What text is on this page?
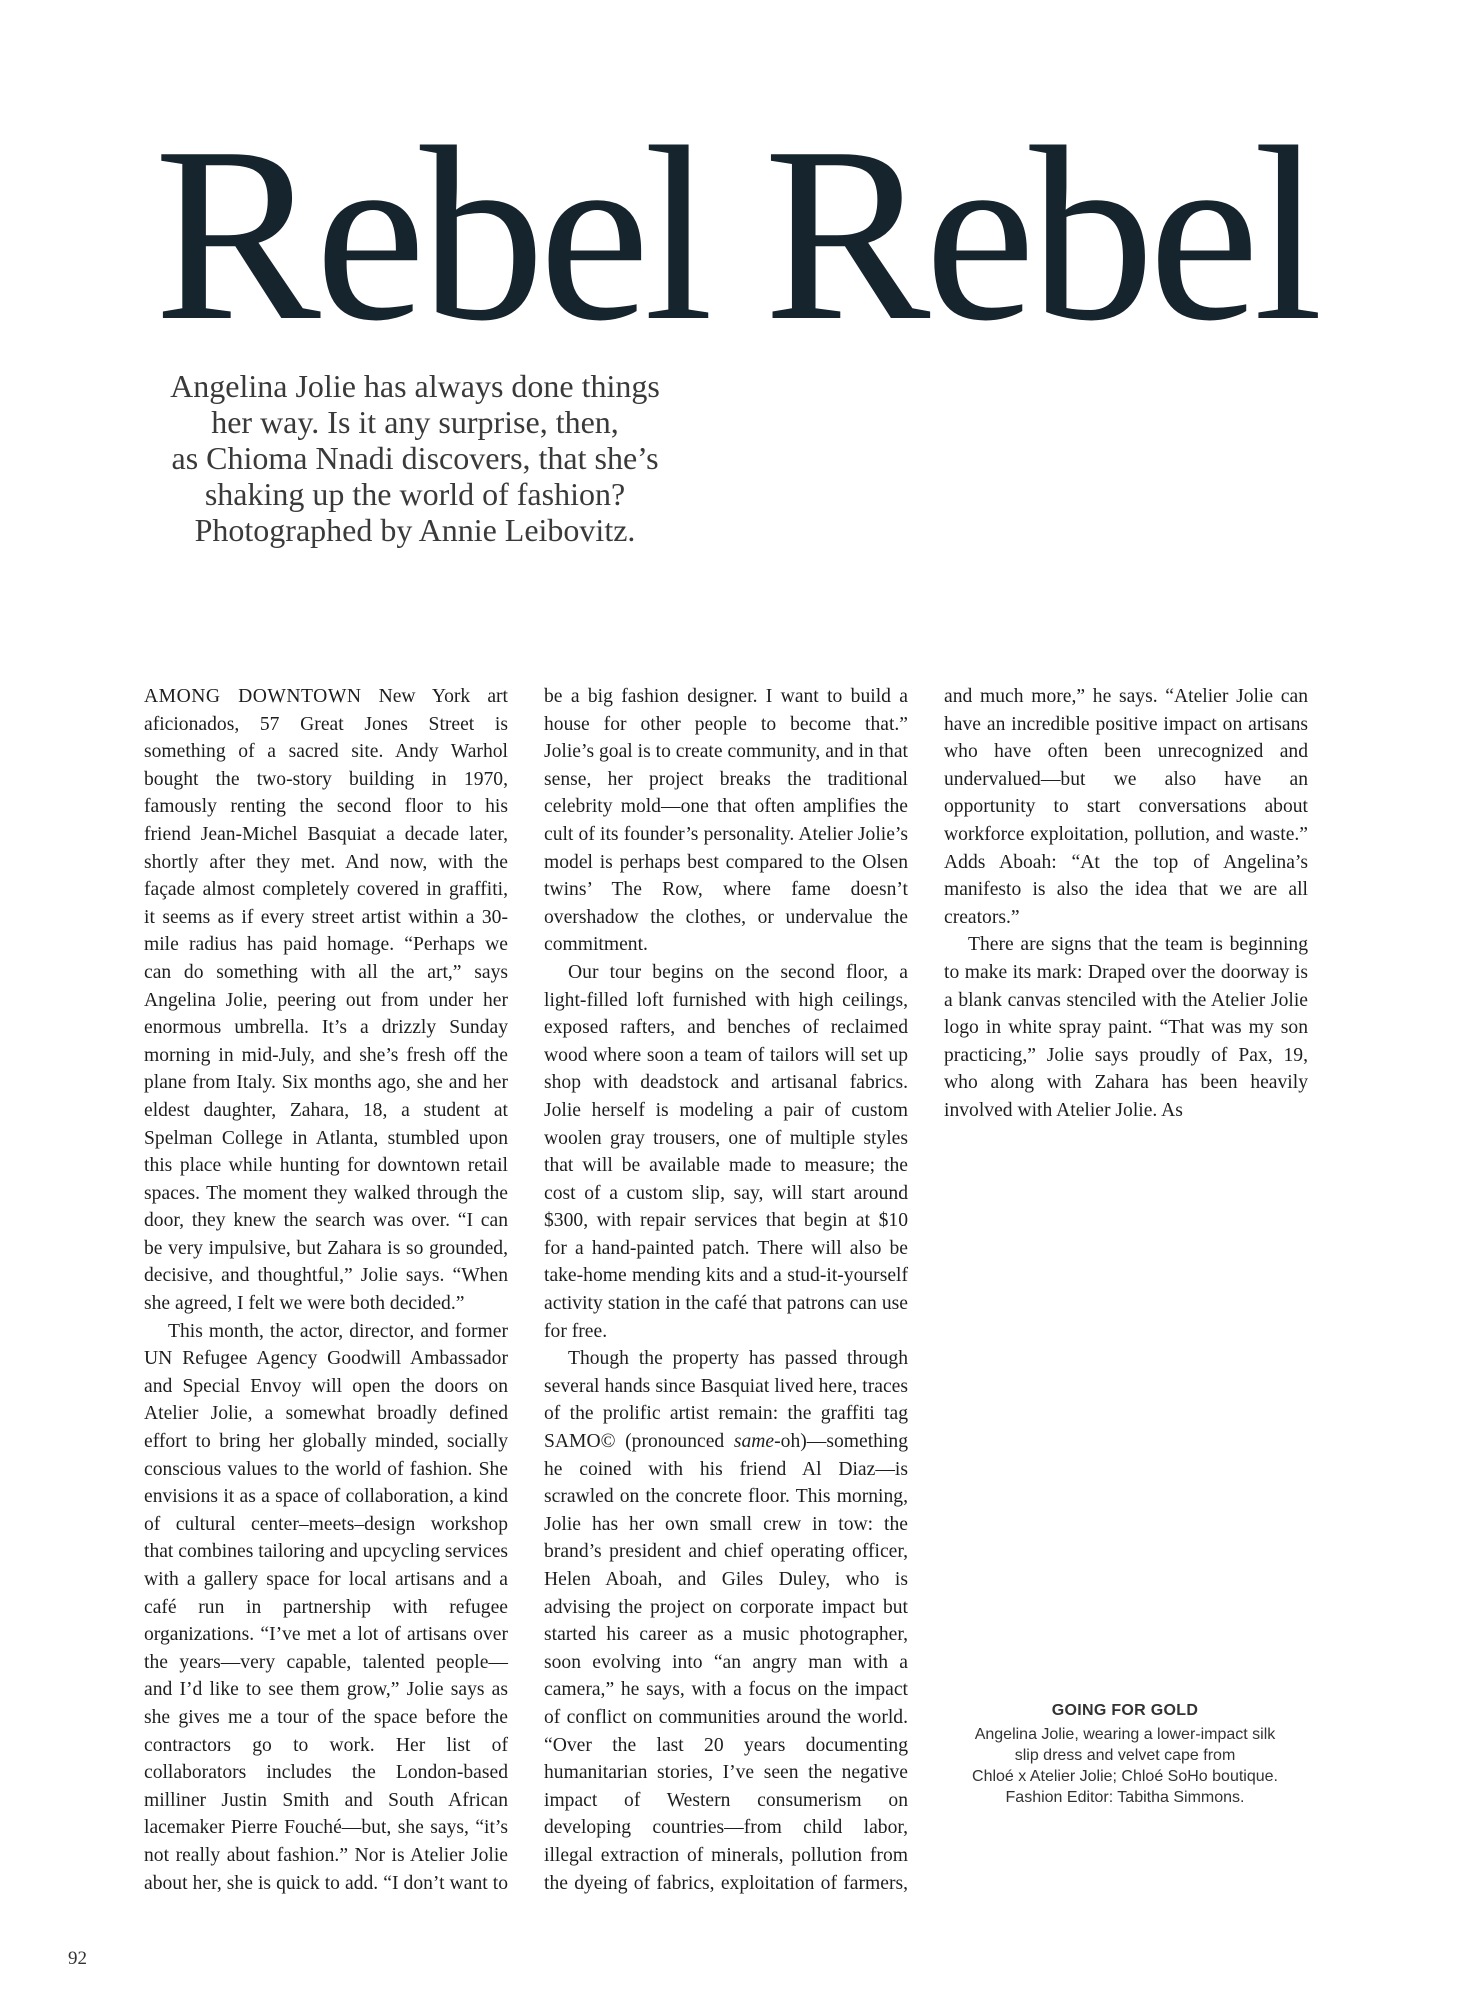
Rebel Rebel

Angelina Jolie has always done things
her way. Is it any surprise, then,
as Chioma Nnadi discovers, that she’s
shaking up the world of fashion?
Photographed by Annie Leibovitz.

AMONG DOWNTOWN New York art aficionados, 57 Great Jones Street is something of a sacred site. Andy Warhol bought the two-story building in 1970, famously renting the second floor to his friend Jean-Michel Basquiat a decade later, shortly after they met. And now, with the façade almost completely covered in graffiti, it seems as if every street artist within a 30-mile radius has paid homage. “Perhaps we can do something with all the art,” says Angelina Jolie, peering out from under her enormous umbrella. It’s a drizzly Sunday morning in mid-July, and she’s fresh off the plane from Italy. Six months ago, she and her eldest daughter, Zahara, 18, a student at Spelman College in Atlanta, stumbled upon this place while hunting for downtown retail spaces. The moment they walked through the door, they knew the search was over. “I can be very impulsive, but Zahara is so grounded, decisive, and thoughtful,” Jolie says. “When she agreed, I felt we were both decided.”

This month, the actor, director, and former UN Refugee Agency Goodwill Ambassador and Special Envoy will open the doors on Atelier Jolie, a somewhat broadly defined effort to bring her globally minded, socially conscious values to the world of fashion. She envisions it as a space of collaboration, a kind of cultural center–meets–design workshop that combines tailoring and upcycling services with a gallery space for local artisans and a café run in partnership with refugee organizations. “I’ve met a lot of artisans over the years—very capable, talented people—and I’d like to see them grow,” Jolie says as she gives me a tour of the space before the contractors go to work. Her list of collaborators includes the London-based milliner Justin Smith and South African lacemaker Pierre Fouché—but, she says, “it’s not really about fashion.” Nor is Atelier Jolie about her, she is quick to add. “I don’t want to be a big fashion designer. I want to build a house for other people to become that.” Jolie’s goal is to create community, and in that sense, her project breaks the traditional celebrity mold—one that often amplifies the cult of its founder’s personality. Atelier Jolie’s model is perhaps best compared to the Olsen twins’ The Row, where fame doesn’t overshadow the clothes, or undervalue the commitment.

Our tour begins on the second floor, a light-filled loft furnished with high ceilings, exposed rafters, and benches of reclaimed wood where soon a team of tailors will set up shop with deadstock and artisanal fabrics. Jolie herself is modeling a pair of custom woolen gray trousers, one of multiple styles that will be available made to measure; the cost of a custom slip, say, will start around $300, with repair services that begin at $10 for a hand-painted patch. There will also be take-home mending kits and a stud-it-yourself activity station in the café that patrons can use for free.

Though the property has passed through several hands since Basquiat lived here, traces of the prolific artist remain: the graffiti tag SAMO© (pronounced same-oh)—something he coined with his friend Al Diaz—is scrawled on the concrete floor. This morning, Jolie has her own small crew in tow: the brand’s president and chief operating officer, Helen Aboah, and Giles Duley, who is advising the project on corporate impact but started his career as a music photographer, soon evolving into “an angry man with a camera,” he says, with a focus on the impact of conflict on communities around the world. “Over the last 20 years documenting humanitarian stories, I’ve seen the negative impact of Western consumerism on developing countries—from child labor, illegal extraction of minerals, pollution from the dyeing of fabrics, exploitation of farmers, and much more,” he says. “Atelier Jolie can have an incredible positive impact on artisans who have often been unrecognized and undervalued—but we also have an opportunity to start conversations about workforce exploitation, pollution, and waste.” Adds Aboah: “At the top of Angelina’s manifesto is also the idea that we are all creators.”

There are signs that the team is beginning to make its mark: Draped over the doorway is a blank canvas stenciled with the Atelier Jolie logo in white spray paint. “That was my son practicing,” Jolie says proudly of Pax, 19, who along with Zahara has been heavily involved with Atelier Jolie. As

GOING FOR GOLD
Angelina Jolie, wearing a lower-impact silk
slip dress and velvet cape from
Chloé x Atelier Jolie; Chloé SoHo boutique.
Fashion Editor: Tabitha Simmons.
92
